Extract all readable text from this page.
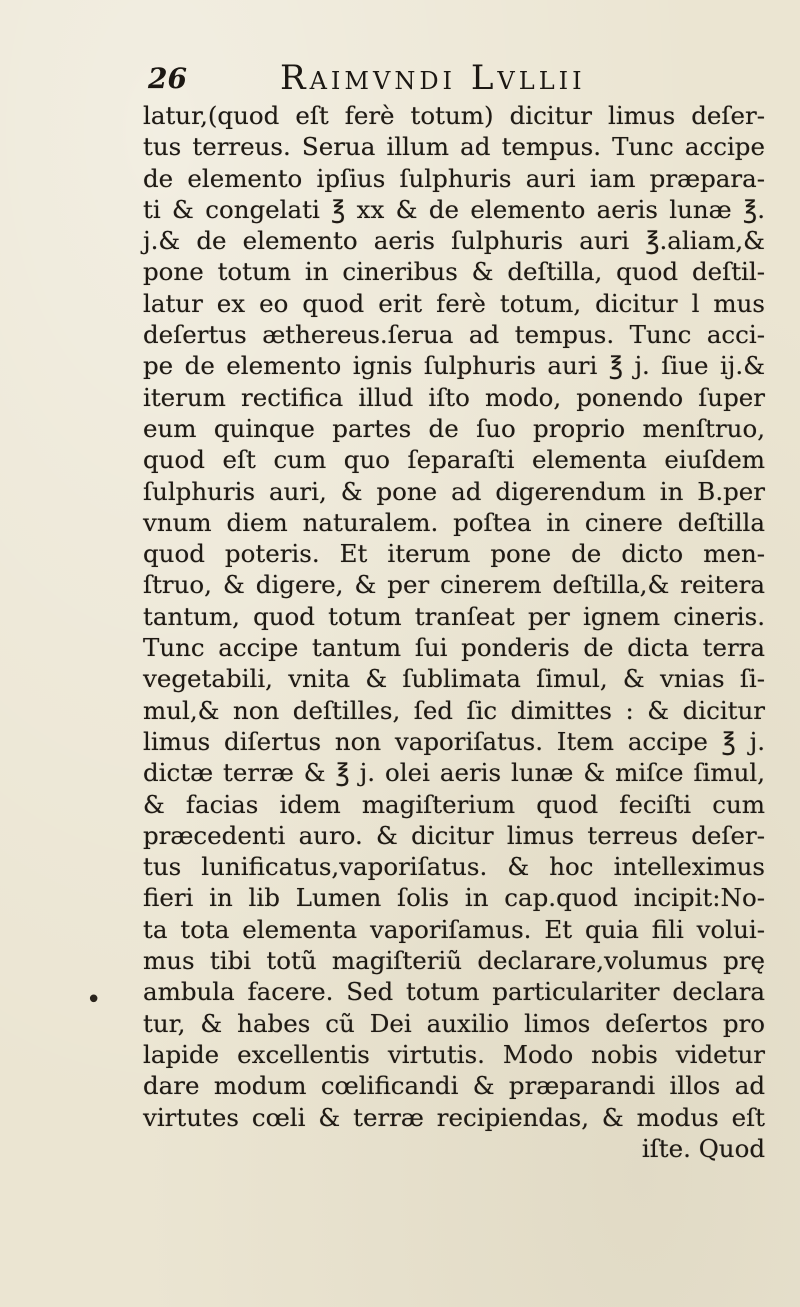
26	Raimvndi Lvllii
•
latur,(quod eſt ferè totum) dicitur limus deſer-
tus terreus. Serua illum ad tempus. Tunc accipe
de elemento ipſius ſulphuris auri iam præpara-
ti & congelati ℥ xx & de elemento aeris lunæ ℥.
j.& de elemento aeris ſulphuris auri ℥.aliam,&
pone totum in cineribus & deſtilla, quod deſtil-
latur ex eo quod erit ferè totum, dicitur l mus
deſertus æthereus.ſerua ad tempus. Tunc acci-
pe de elemento ignis ſulphuris auri ℥ j. ſiue ij.&
iterum rectifica illud iſto modo, ponendo ſuper
eum quinque partes de ſuo proprio menſtruo,
quod eſt cum quo ſeparaſti elementa eiuſdem
ſulphuris auri, & pone ad digerendum in B.per
vnum diem naturalem. poſtea in cinere deſtilla
quod poteris. Et iterum pone de dicto men-
ſtruo, & digere, & per cinerem deſtilla,& reitera
tantum, quod totum tranſeat per ignem cineris.
Tunc accipe tantum ſui ponderis de dicta terra
vegetabili, vnita & ſublimata ſimul, & vnias ſi-
mul,& non deſtilles, ſed ſic dimittes : & dicitur
limus diſertus non vaporiſatus. Item accipe ℥ j.
dictæ terræ & ℥ j. olei aeris lunæ & miſce ſimul,
& facias idem magiſterium quod feciſti cum
præcedenti auro. & dicitur limus terreus deſer-
tus lunificatus,vaporiſatus. & hoc intelleximus
fieri in lib Lumen ſolis in cap.quod incipit:No-
ta tota elementa vaporiſamus. Et quia fili volui-
mus tibi totũ magiſteriũ declarare,volumus prę
ambula facere. Sed totum particulariter declara
tur, & habes cũ Dei auxilio limos deſertos pro
lapide excellentis virtutis. Modo nobis videtur
dare modum cœlificandi & præparandi illos ad
virtutes cœli & terræ recipiendas, & modus eſt
iſte. Quod
